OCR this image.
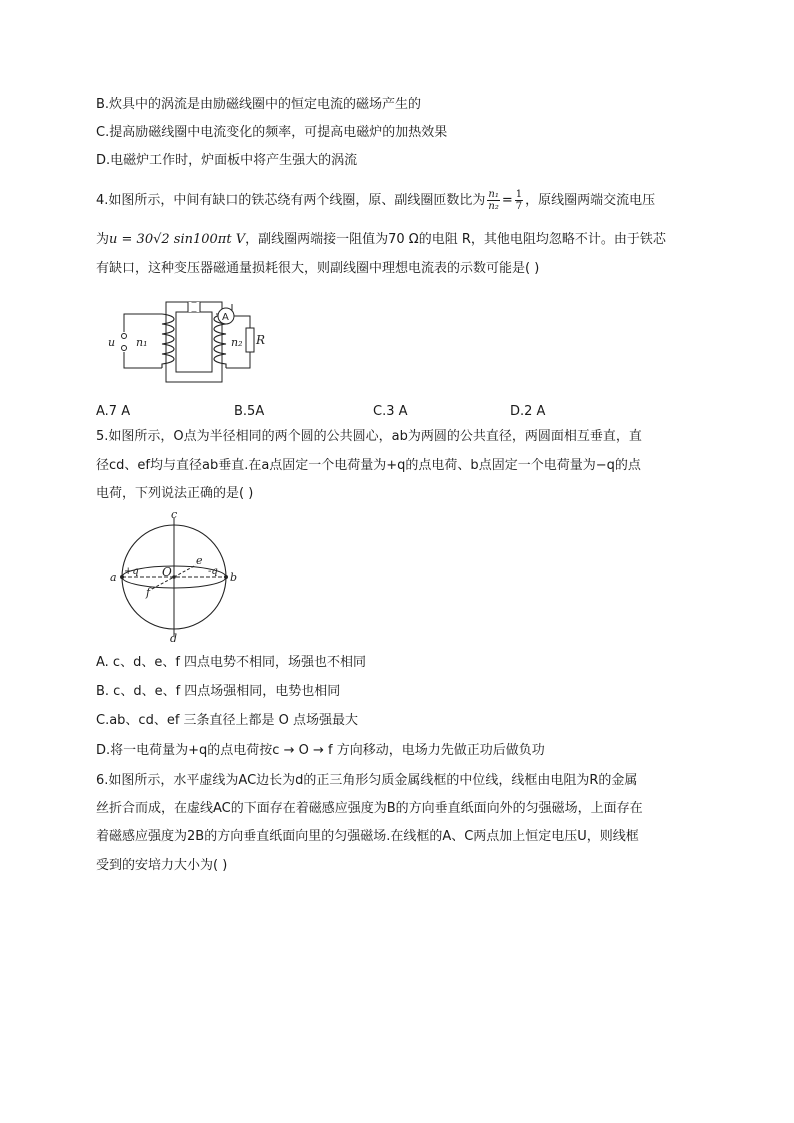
B.炊具中的涡流是由励磁线圈中的恒定电流的磁场产生的
C.提高励磁线圈中电流变化的频率，可提高电磁炉的加热效果
D.电磁炉工作时，炉面板中将产生强大的涡流
4.如图所示，中间有缺口的铁芯绕有两个线圈，原、副线圈匝数比为 $\frac{\text{n₁}}{\text{n₂}} = \frac{1}{7}$ ，原线圈两端交流电压
为u = 30√2 sin100πt V，副线圈两端接一阻值为70 Ω的电阻 R，其他电阻均忽略不计。由于铁芯
有缺口，这种变压器磁通量损耗很大，则副线圈中理想电流表的示数可能是( )
u n₁
A
n₂ R
A.7 A	B.5A	C.3 A	D.2 A
5.如图所示，O点为半径相同的两个圆的公共圆心，ab为两圆的公共直径，两圆面相互垂直，直
径cd、ef均与直径ab垂直.在a点固定一个电荷量为+q的点电荷、b点固定一个电荷量为−q的点
电荷，下列说法正确的是( )
c
d
a	b
O
e
f
+q	-q
A. c、d、e、f 四点电势不相同，场强也不相同
B. c、d、e、f 四点场强相同，电势也相同
C.ab、cd、ef 三条直径上都是 O 点场强最大
D.将一电荷量为+q的点电荷按c → O → f 方向移动，电场力先做正功后做负功
6.如图所示，水平虚线为AC边长为d的正三角形匀质金属线框的中位线，线框由电阻为R的金属
丝折合而成，在虚线AC的下面存在着磁感应强度为B的方向垂直纸面向外的匀强磁场，上面存在
着磁感应强度为2B的方向垂直纸面向里的匀强磁场.在线框的A、C两点加上恒定电压U，则线框
受到的安培力大小为( )
